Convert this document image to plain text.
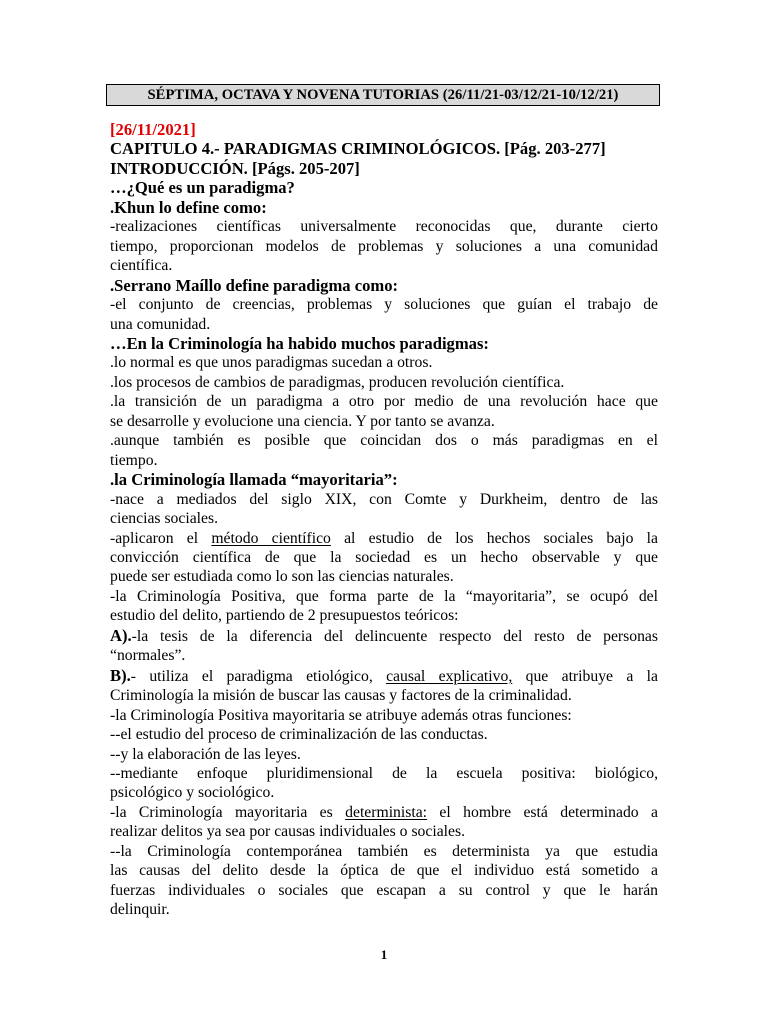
SÉPTIMA, OCTAVA Y NOVENA TUTORIAS (26/11/21-03/12/21-10/12/21)
[26/11/2021]
CAPITULO 4.- PARADIGMAS CRIMINOLÓGICOS. [Pág. 203-277]
INTRODUCCIÓN. [Págs. 205-207]
…¿Qué es un paradigma?
.Khun lo define como:
-realizaciones científicas universalmente reconocidas que, durante cierto
tiempo, proporcionan modelos de problemas y soluciones a una comunidad
científica.
.Serrano Maíllo define paradigma como:
-el conjunto de creencias, problemas y soluciones que guían el trabajo de
una comunidad.
…En la Criminología ha habido muchos paradigmas:
.lo normal es que unos paradigmas sucedan a otros.
.los procesos de cambios de paradigmas, producen revolución científica.
.la transición de un paradigma a otro por medio de una revolución hace que
se desarrolle y evolucione una ciencia. Y por tanto se avanza.
.aunque también es posible que coincidan dos o más paradigmas en el
tiempo.
.la Criminología llamada “mayoritaria”:
-nace a mediados del siglo XIX, con Comte y Durkheim, dentro de las
ciencias sociales.
-aplicaron el método científico al estudio de los hechos sociales bajo la
convicción científica de que la sociedad es un hecho observable y que
puede ser estudiada como lo son las ciencias naturales.
-la Criminología Positiva, que forma parte de la “mayoritaria”, se ocupó del
estudio del delito, partiendo de 2 presupuestos teóricos:
A).-la tesis de la diferencia del delincuente respecto del resto de personas
“normales”.
B).- utiliza el paradigma etiológico, causal explicativo, que atribuye a la
Criminología la misión de buscar las causas y factores de la criminalidad.
-la Criminología Positiva mayoritaria se atribuye además otras funciones:
--el estudio del proceso de criminalización de las conductas.
--y la elaboración de las leyes.
--mediante enfoque pluridimensional de la escuela positiva: biológico,
psicológico y sociológico.
-la Criminología mayoritaria es determinista: el hombre está determinado a
realizar delitos ya sea por causas individuales o sociales.
--la Criminología contemporánea también es determinista ya que estudia
las causas del delito desde la óptica de que el individuo está sometido a
fuerzas individuales o sociales que escapan a su control y que le harán
delinquir.
1
